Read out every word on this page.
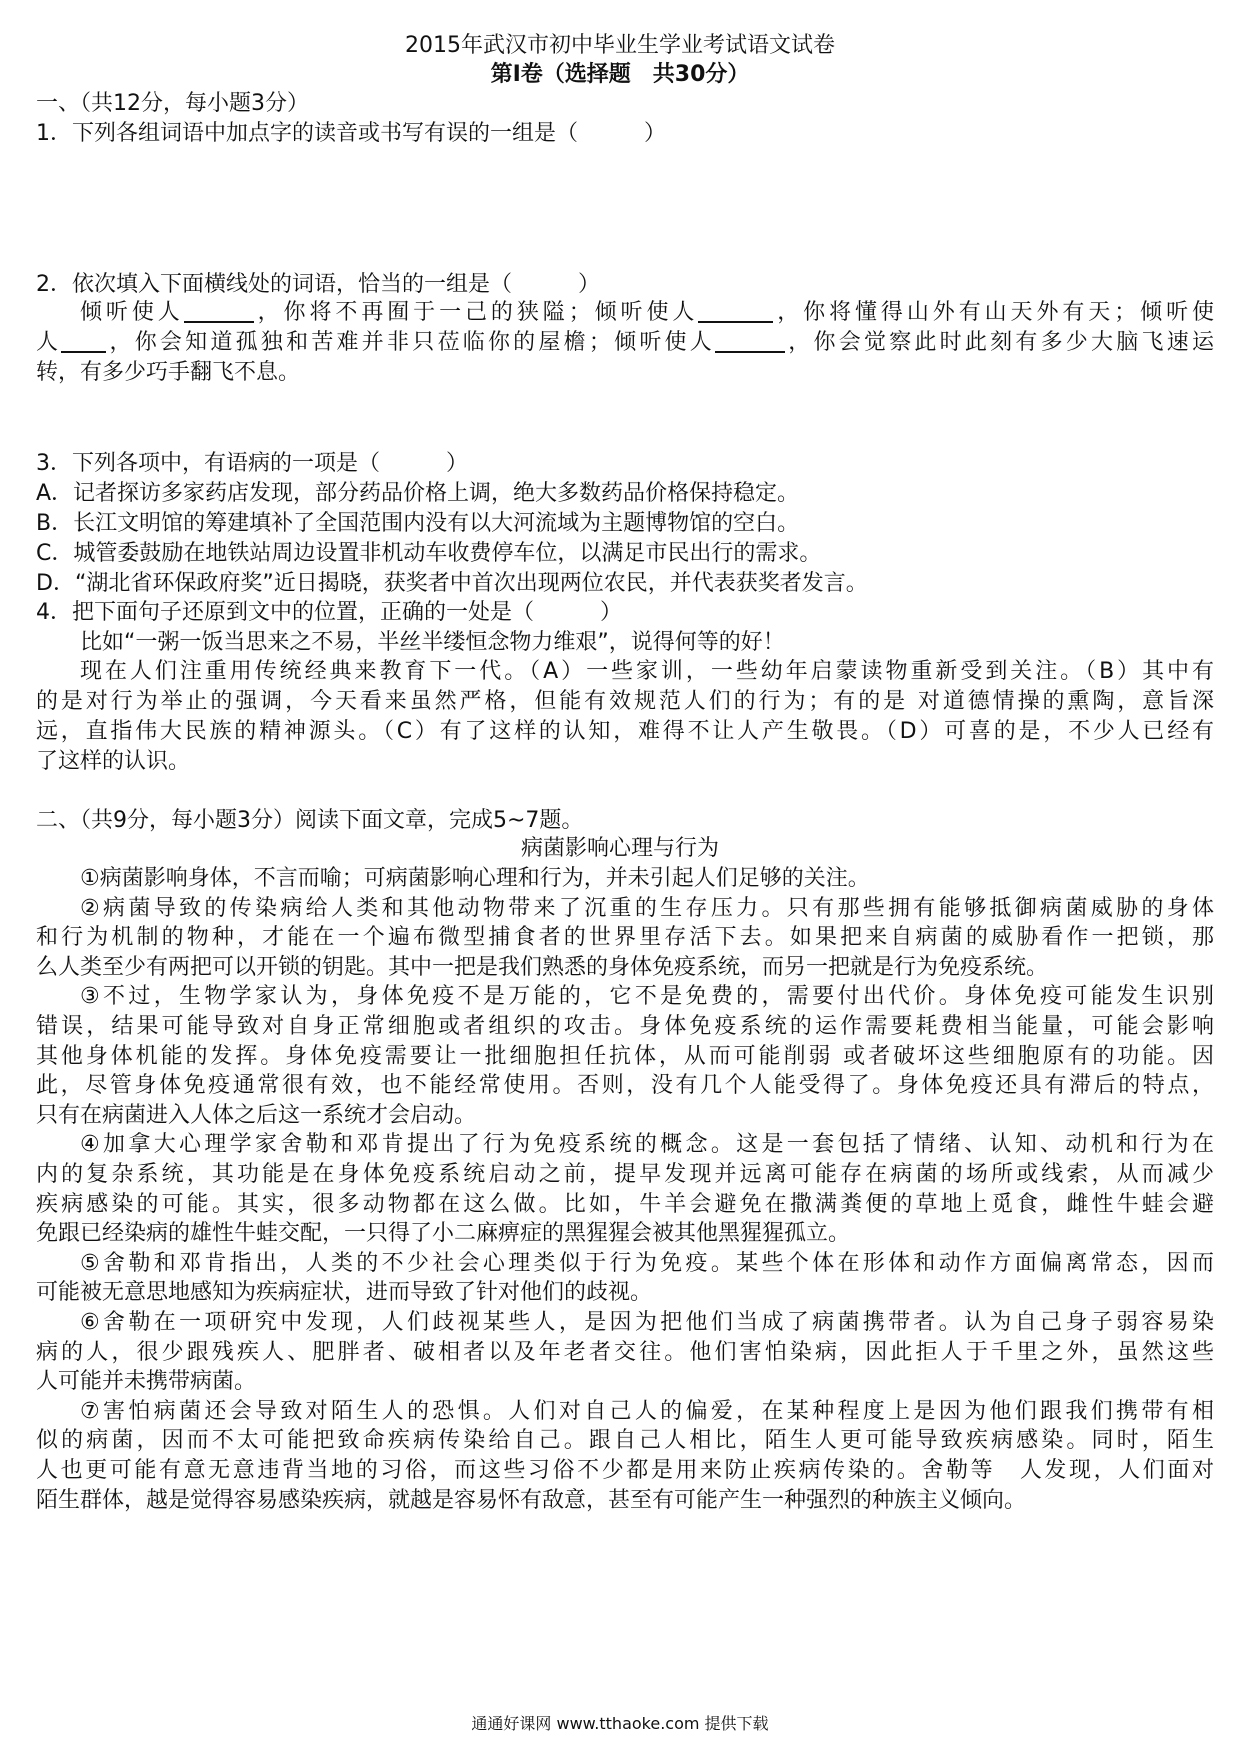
2015年武汉市初中毕业生学业考试语文试卷
第Ⅰ卷（选择题　共30分）
一、（共12分，每小题3分）
1．下列各组词语中加点字的读音或书写有误的一组是（　　　）
2．依次填入下面横线处的词语，恰当的一组是（　　　）
倾听使人	，你将不再囿于一己的狭隘；倾听使人	，你将懂得山外有山天外有天；倾听使
人 ，你会知道孤独和苦难并非只莅临你的屋檐；倾听使人	，你会觉察此时此刻有多少大脑飞速运
转，有多少巧手翻飞不息。
3．下列各项中，有语病的一项是（　　　）
A．记者探访多家药店发现，部分药品价格上调，绝大多数药品价格保持稳定。
B．长江文明馆的筹建填补了全国范围内没有以大河流域为主题博物馆的空白。
C．城管委鼓励在地铁站周边设置非机动车收费停车位，以满足市民出行的需求。
D．“湖北省环保政府奖”近日揭晓，获奖者中首次出现两位农民，并代表获奖者发言。
4．把下面句子还原到文中的位置，正确的一处是（　　　）
比如“一粥一饭当思来之不易，半丝半缕恒念物力维艰”，说得何等的好！
现在人们注重用传统经典来教育下一代。（A）一些家训，一些幼年启蒙读物重新受到关注。（B）其中有
的是对行为举止的强调，今天看来虽然严格，但能有效规范人们的行为；有的是 对道德情操的熏陶，意旨深
远，直指伟大民族的精神源头。（C）有了这样的认知，难得不让人产生敬畏。（D）可喜的是，不少人已经有
了这样的认识。
二、（共9分，每小题3分）阅读下面文章，完成5~7题。
病菌影响心理与行为
①病菌影响身体，不言而喻；可病菌影响心理和行为，并未引起人们足够的关注。
②病菌导致的传染病给人类和其他动物带来了沉重的生存压力。只有那些拥有能够抵御病菌威胁的身体
和行为机制的物种，才能在一个遍布微型捕食者的世界里存活下去。如果把来自病菌的威胁看作一把锁，那
么人类至少有两把可以开锁的钥匙。其中一把是我们熟悉的身体免疫系统，而另一把就是行为免疫系统。
③不过，生物学家认为，身体免疫不是万能的，它不是免费的，需要付出代价。身体免疫可能发生识别
错误，结果可能导致对自身正常细胞或者组织的攻击。身体免疫系统的运作需要耗费相当能量，可能会影响
其他身体机能的发挥。身体免疫需要让一批细胞担任抗体，从而可能削弱 或者破坏这些细胞原有的功能。因
此，尽管身体免疫通常很有效，也不能经常使用。否则，没有几个人能受得了。身体免疫还具有滞后的特点，
只有在病菌进入人体之后这一系统才会启动。
④加拿大心理学家舍勒和邓肯提出了行为免疫系统的概念。这是一套包括了情绪、认知、动机和行为在
内的复杂系统，其功能是在身体免疫系统启动之前，提早发现并远离可能存在病菌的场所或线索，从而减少
疾病感染的可能。其实，很多动物都在这么做。比如，牛羊会避免在撒满粪便的草地上觅食，雌性牛蛙会避
免跟已经染病的雄性牛蛙交配，一只得了小二麻痹症的黑猩猩会被其他黑猩猩孤立。
⑤舍勒和邓肯指出，人类的不少社会心理类似于行为免疫。某些个体在形体和动作方面偏离常态，因而
可能被无意思地感知为疾病症状，进而导致了针对他们的歧视。
⑥舍勒在一项研究中发现，人们歧视某些人，是因为把他们当成了病菌携带者。认为自己身子弱容易染
病的人，很少跟残疾人、肥胖者、破相者以及年老者交往。他们害怕染病，因此拒人于千里之外，虽然这些
人可能并未携带病菌。
⑦害怕病菌还会导致对陌生人的恐惧。人们对自己人的偏爱，在某种程度上是因为他们跟我们携带有相
似的病菌，因而不太可能把致命疾病传染给自己。跟自己人相比，陌生人更可能导致疾病感染。同时，陌生
人也更可能有意无意违背当地的习俗，而这些习俗不少都是用来防止疾病传染的。舍勒等　人发现，人们面对
陌生群体，越是觉得容易感染疾病，就越是容易怀有敌意，甚至有可能产生一种强烈的种族主义倾向。
通通好课网 www.tthaoke.com 提供下载
